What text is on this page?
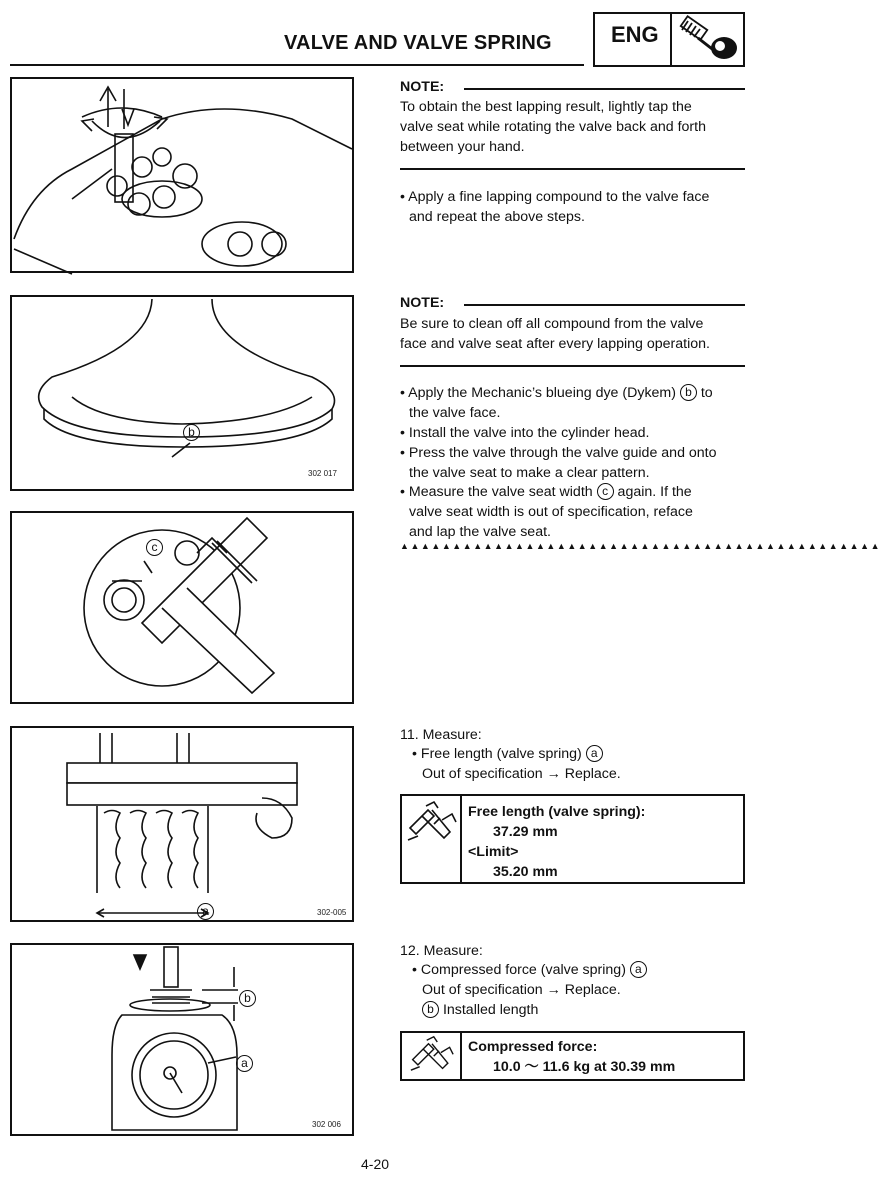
VALVE AND VALVE SPRING	ENG
b
302 017
c
a	302-005
b
a
302 006
NOTE:
To obtain the best lapping result, lightly tap the
valve seat while rotating the valve back and forth
between your hand.
• Apply a fine lapping compound to the valve face
and repeat the above steps.
NOTE:
Be sure to clean off all compound from the valve
face and valve seat after every lapping operation.
• Apply the Mechanic’s blueing dye (Dykem) b to
the valve face.
• Install the valve into the cylinder head.
• Press the valve through the valve guide and onto
the valve seat to make a clear pattern.
• Measure the valve seat width c again. If the
valve seat width is out of specification, reface
and lap the valve seat.
▲▲▲▲▲▲▲▲▲▲▲▲▲▲▲▲▲▲▲▲▲▲▲▲▲▲▲▲▲▲▲▲▲▲▲▲▲▲▲▲▲▲▲▲▲▲
11. Measure:
• Free length (valve spring) a
Out of specification → Replace.
Free length (valve spring):
37.29 mm
<Limit>
35.20 mm
12. Measure:
• Compressed force (valve spring) a
Out of specification → Replace.
b Installed length
Compressed force:
10.0 ～ 11.6 kg at 30.39 mm
4-20
